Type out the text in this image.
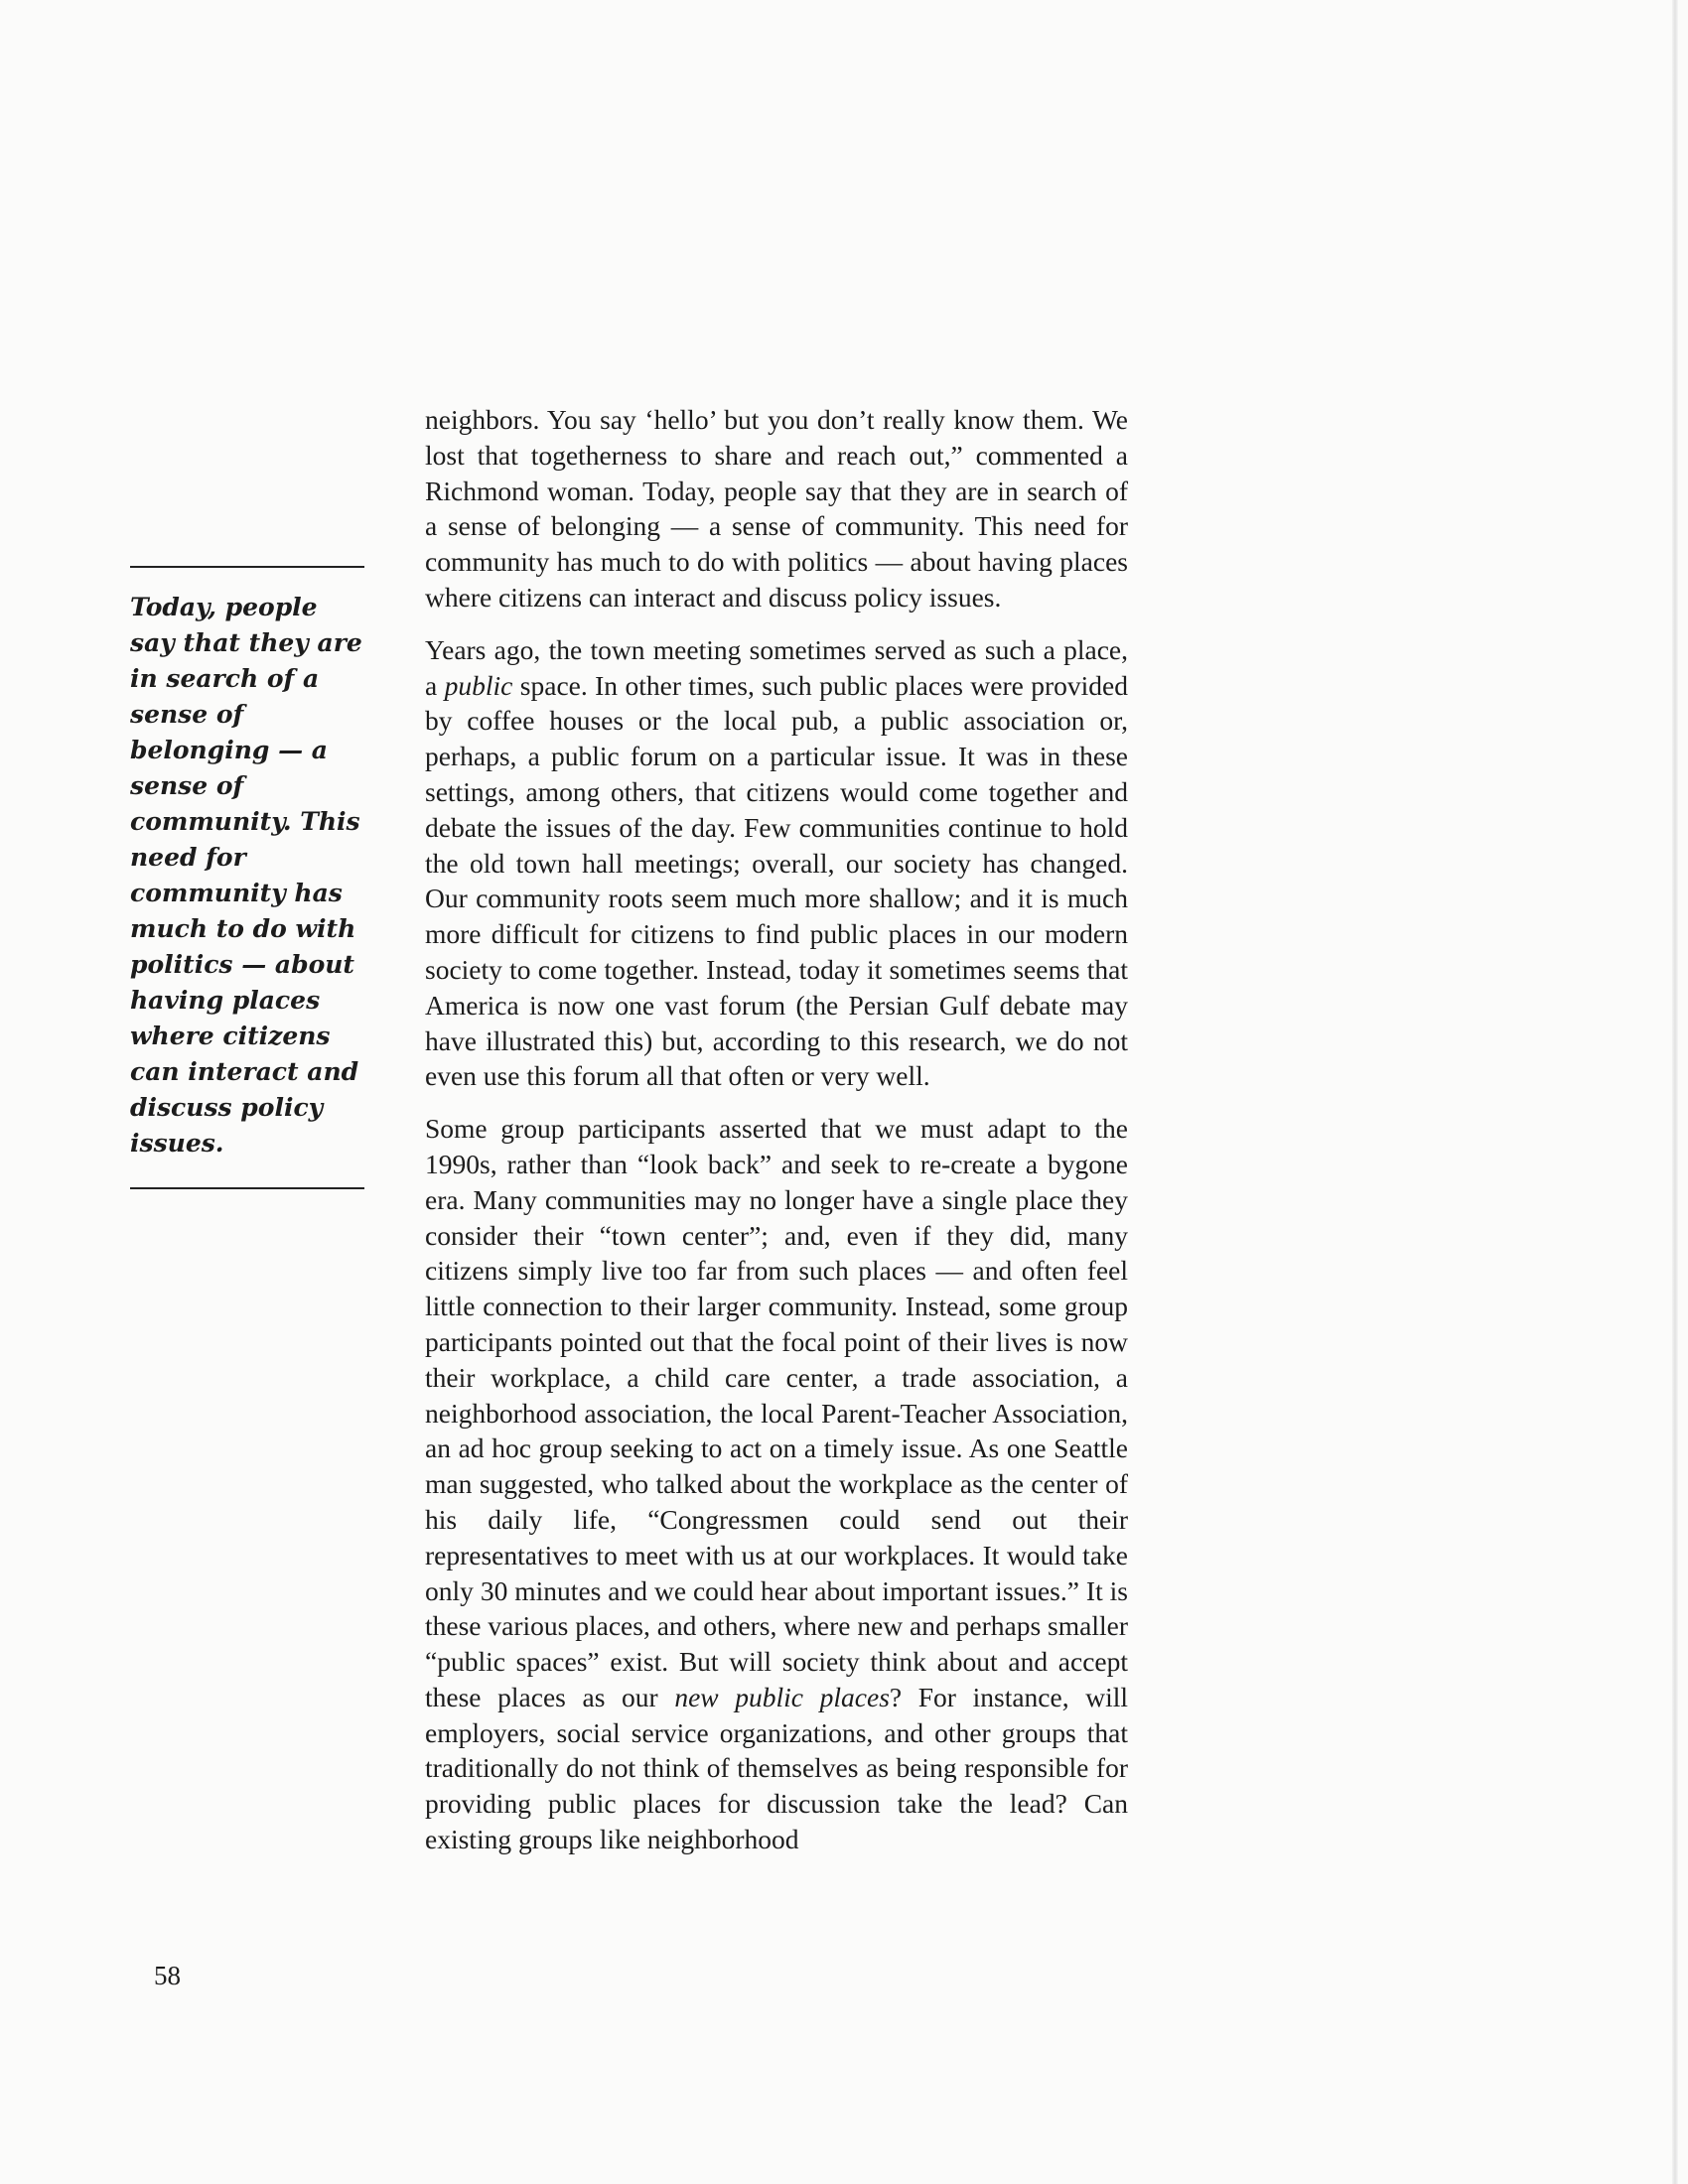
Today, people say that they are in search of a sense of belonging — a sense of community. This need for community has much to do with politics — about having places where citizens can interact and discuss policy issues.

neighbors. You say ‘hello’ but you don’t really know them. We lost that togetherness to share and reach out,” commented a Richmond woman. Today, people say that they are in search of a sense of belonging — a sense of community. This need for community has much to do with politics — about having places where citizens can interact and discuss policy issues.

Years ago, the town meeting sometimes served as such a place, a public space. In other times, such public places were provided by coffee houses or the local pub, a public association or, perhaps, a public forum on a particular issue. It was in these settings, among others, that citizens would come together and debate the issues of the day. Few communities continue to hold the old town hall meetings; overall, our society has changed. Our community roots seem much more shallow; and it is much more difficult for citizens to find public places in our modern society to come together. Instead, today it sometimes seems that America is now one vast forum (the Persian Gulf debate may have illustrated this) but, according to this research, we do not even use this forum all that often or very well.

Some group participants asserted that we must adapt to the 1990s, rather than “look back” and seek to re-create a bygone era. Many communities may no longer have a single place they consider their “town center”; and, even if they did, many citizens simply live too far from such places — and often feel little connection to their larger community. Instead, some group participants pointed out that the focal point of their lives is now their workplace, a child care center, a trade association, a neighborhood association, the local Parent-Teacher Association, an ad hoc group seeking to act on a timely issue. As one Seattle man suggested, who talked about the workplace as the center of his daily life, “Congressmen could send out their representatives to meet with us at our workplaces. It would take only 30 minutes and we could hear about important issues.” It is these various places, and others, where new and perhaps smaller “public spaces” exist. But will society think about and accept these places as our new public places? For instance, will employers, social service organizations, and other groups that traditionally do not think of themselves as being responsible for providing public places for discussion take the lead? Can existing groups like neighborhood

58
